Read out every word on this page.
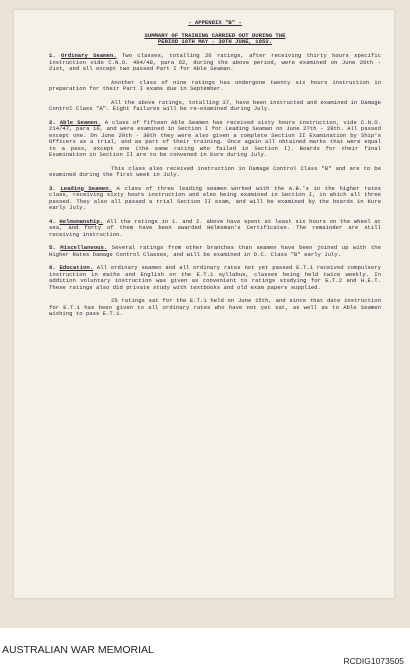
- APPENDIX "B" -
SUMMARY OF TRAINING CARRIED OUT DURING THE
PERIOD 10TH MAY - 30TH JUNE, 1952.
1. Ordinary Seamen. Two classes, totalling 26 ratings, after receiving thirty hours specific instruction vide C.N.O. 404/48, para 62, during the above period, were examined on June 20th - 21st, and all except two passed Part I for Able Seaman.
Another class of nine ratings has undergone twenty six hours instruction in preparation for their Part I exams due in September.
All the above ratings, totalling 37, have been instructed and examined in Damage Control Class "A". Eight failures will be re-examined during July.
2. Able Seamen. A class of fifteen Able Seamen has received sixty hours instruction, vide C.N.O. 214/47, para 10, and were examined in Section I for Leading Seaman on June 27th - 28th. All passed except one. On June 29th - 30th they were also given a complete Section II Examination by Ship's Officers as a trial, and as part of their training. Once again all obtained marks that were equal to a pass, except one (the same rating who failed in Section I). Boards for their final Examination in Section II are to be convened in Kure during July.
This class also received instruction in Damage Control Class "B" and are to be examined during the first week in July.
3. Leading Seamen. A class of three leading seamen worked with the A.B.'s in the higher rates class, receiving sixty hours instruction and also being examined in Section I, in which all three passed. They also all passed a trial Section II exam, and will be examined by the boards in Kure early July.
4. Helmsmanship. All the ratings in 1. and 2. above have spent at least six hours on the wheel at sea, and forty of them have been awarded Helmsman's Certificates. The remainder are still receiving instruction.
5. Miscellaneous. Several ratings from other branches than seamen have been joined up with the Higher Rates Damage Control Classes, and will be examined in D.C. Class "B" early July.
6. Education. All ordinary seamen and all ordinary rates not yet passed E.T.1 received compulsory instruction in maths and English on the E.T.1 syllabus, classes being held twice weekly. In addition voluntary instruction was given as convenient to ratings studying for E.T.2 and H.E.T. These ratings also did private study with textbooks and old exam papers supplied.
25 ratings sat for the E.T.1 held on June 15th, and since that date instruction for E.T.1 has been given to all ordinary rates who have not yet sat, as well as to Able Seamen wishing to pass E.T.1.
AUSTRALIAN WAR MEMORIAL
RCDIG1073505
